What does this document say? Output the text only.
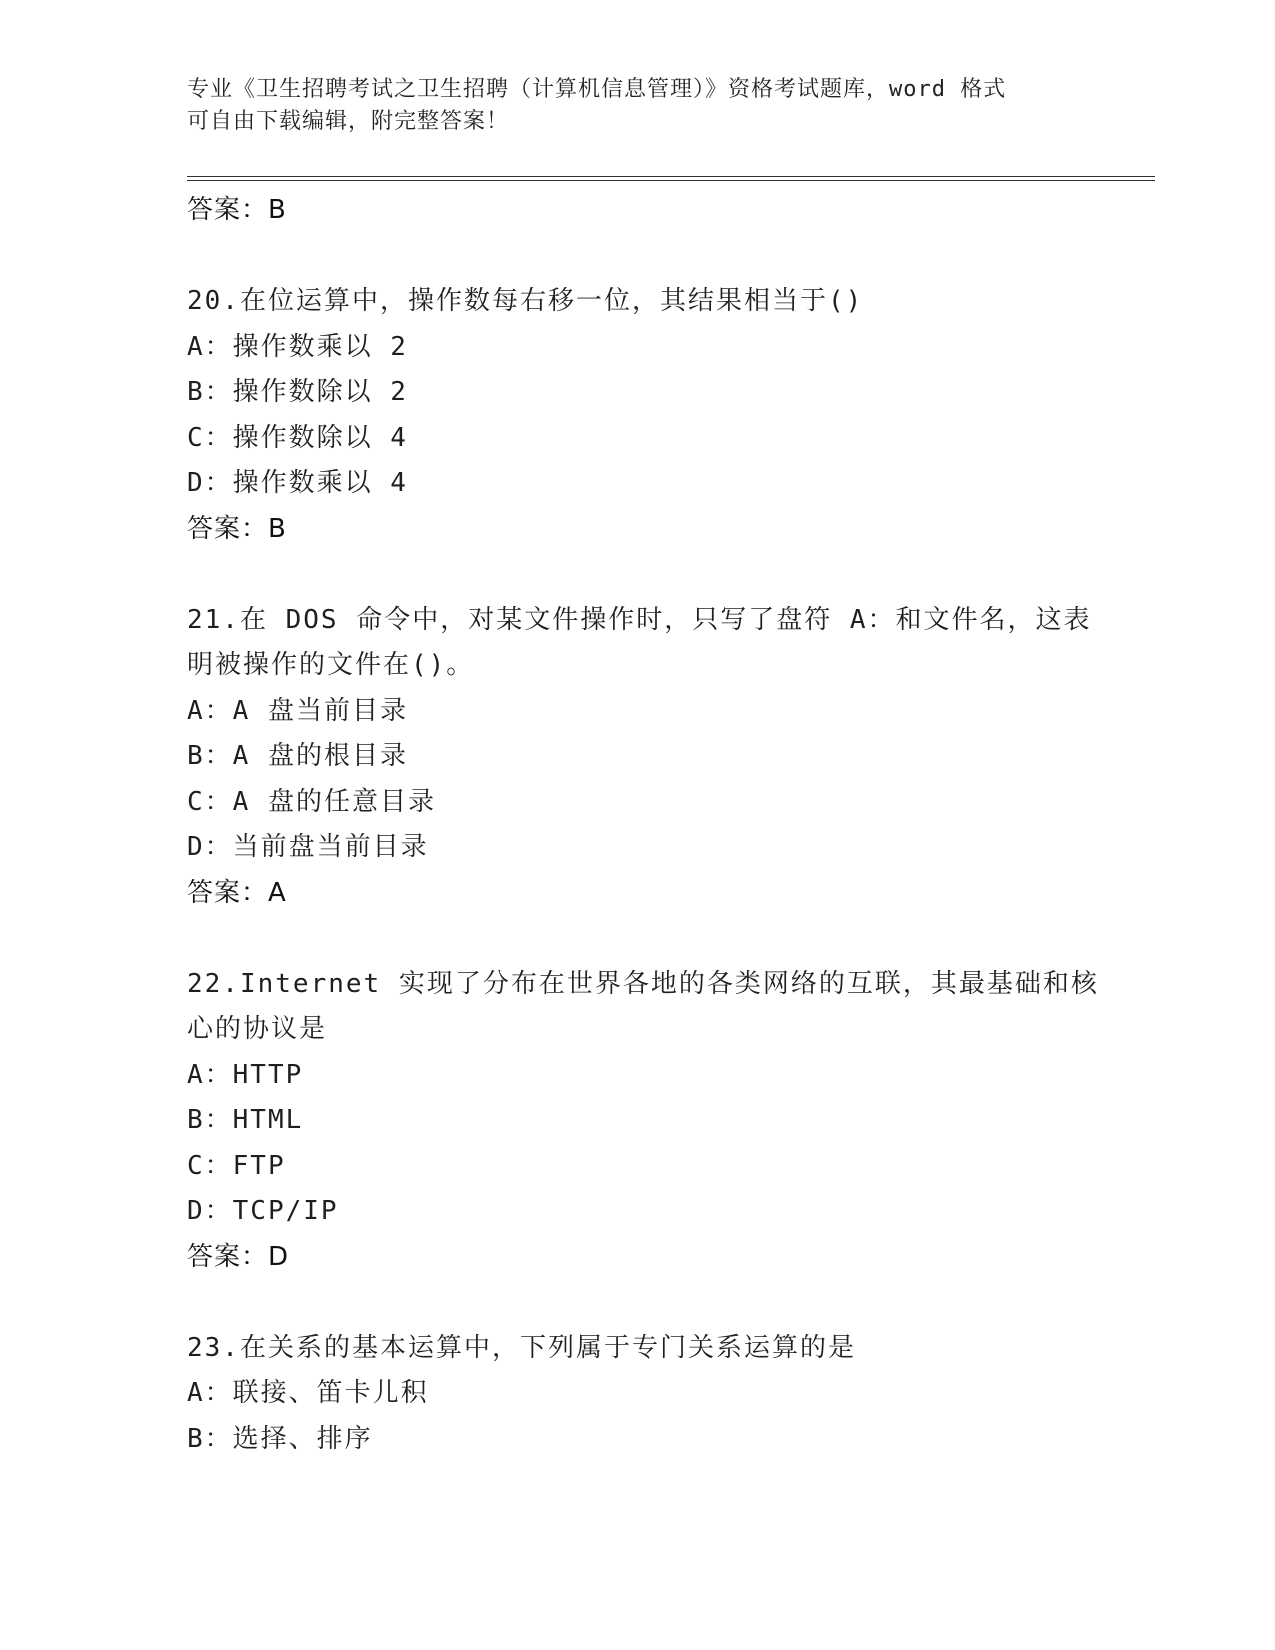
专业《卫生招聘考试之卫生招聘（计算机信息管理）》资格考试题库，word 格式
可自由下载编辑，附完整答案！
答案：B
20.在位运算中，操作数每右移一位，其结果相当于()
A：操作数乘以 2
B：操作数除以 2
C：操作数除以 4
D：操作数乘以 4
答案：B
21.在 DOS 命令中，对某文件操作时，只写了盘符 A：和文件名，这表
明被操作的文件在()。
A：A 盘当前目录
B：A 盘的根目录
C：A 盘的任意目录
D：当前盘当前目录
答案：A
22.Internet 实现了分布在世界各地的各类网络的互联，其最基础和核
心的协议是
A：HTTP
B：HTML
C：FTP
D：TCP/IP
答案：D
23.在关系的基本运算中，下列属于专门关系运算的是
A：联接、笛卡儿积
B：选择、排序
